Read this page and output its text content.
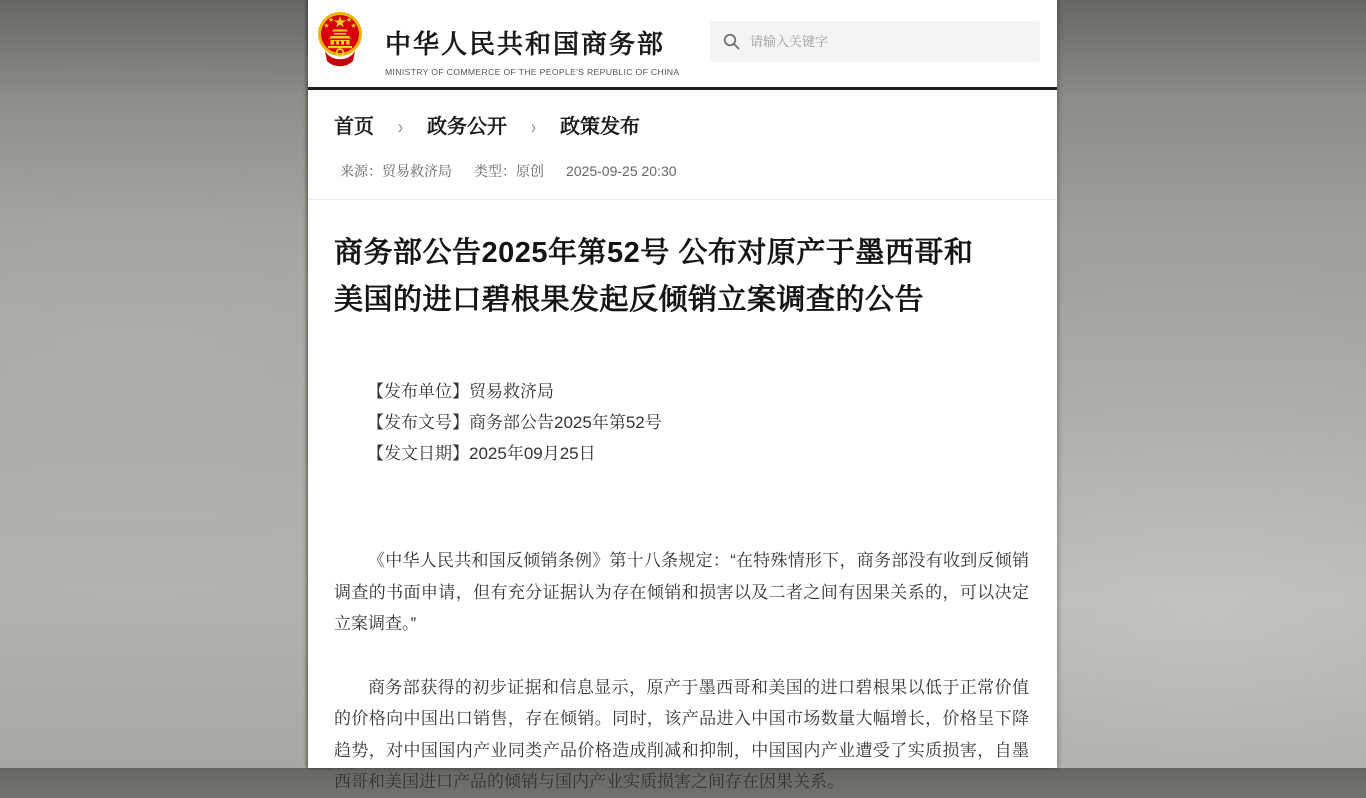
中华人民共和国商务部
MINISTRY OF COMMERCE OF THE PEOPLE'S REPUBLIC OF CHINA
请输入关键字
首页 › 政务公开 › 政策发布
来源：贸易救济局 类型：原创 2025-09-25 20:30
商务部公告2025年第52号 公布对原产于墨西哥和美国的进口碧根果发起反倾销立案调查的公告
【发布单位】贸易救济局
【发布文号】商务部公告2025年第52号
【发文日期】2025年09月25日

《中华人民共和国反倾销条例》第十八条规定：“在特殊情形下，商务部没有收到反倾销调查的书面申请，但有充分证据认为存在倾销和损害以及二者之间有因果关系的，可以决定立案调查。”

商务部获得的初步证据和信息显示，原产于墨西哥和美国的进口碧根果以低于正常价值的价格向中国出口销售，存在倾销。同时，该产品进入中国市场数量大幅增长，价格呈下降趋势，对中国国内产业同类产品价格造成削减和抑制，中国国内产业遭受了实质损害，自墨西哥和美国进口产品的倾销与国内产业实质损害之间存在因果关系。
